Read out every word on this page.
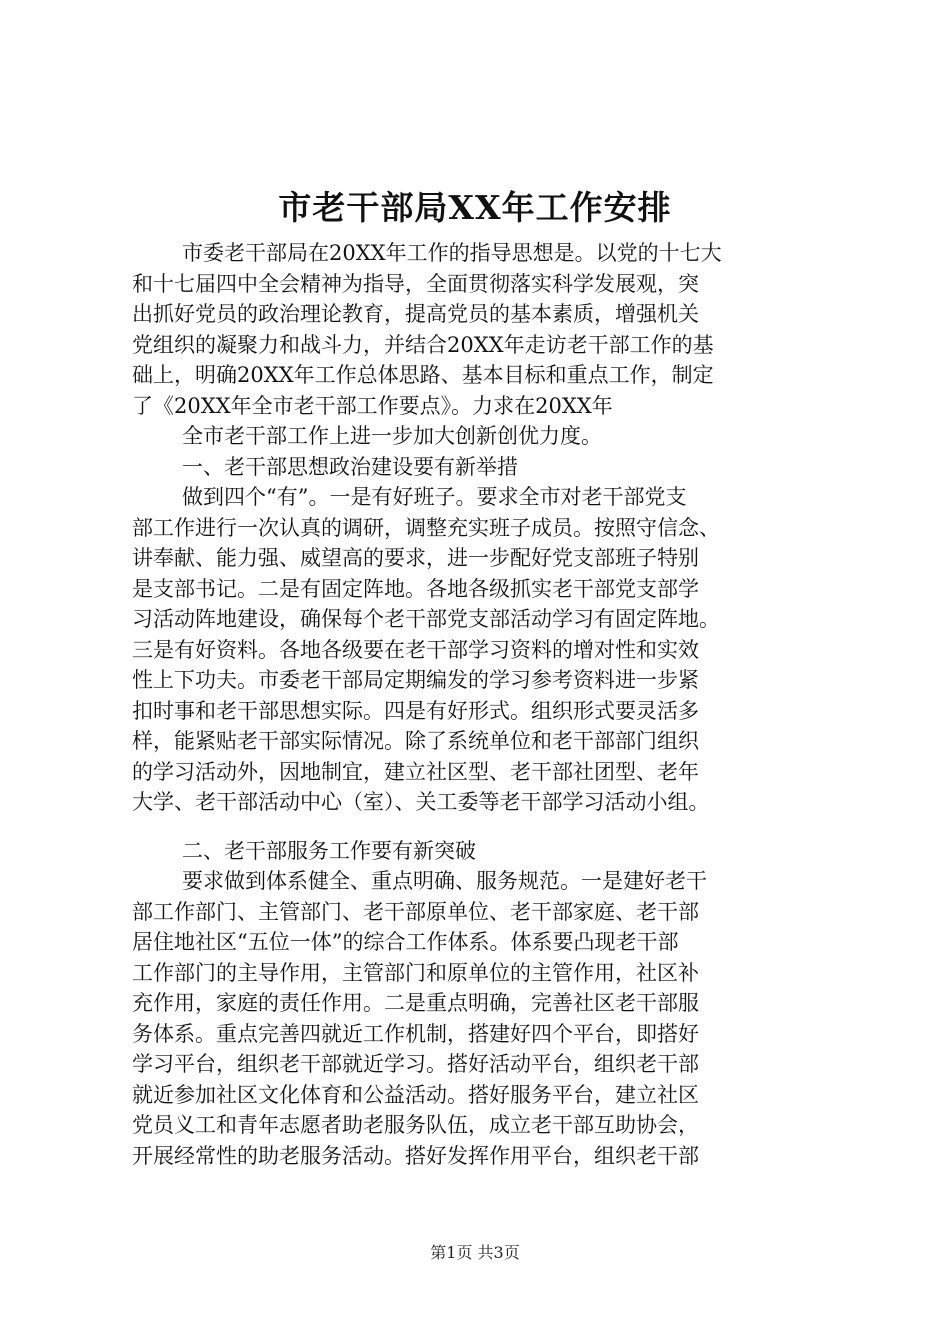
市老干部局XX年工作安排

市委老干部局在20XX年工作的指导思想是。以党的十七大

和十七届四中全会精神为指导，全面贯彻落实科学发展观，突

出抓好党员的政治理论教育，提高党员的基本素质，增强机关

党组织的凝聚力和战斗力，并结合20XX年走访老干部工作的基

础上，明确20XX年工作总体思路、基本目标和重点工作，制定

了《20XX年全市老干部工作要点》。力求在20XX年

全市老干部工作上进一步加大创新创优力度。

一、老干部思想政治建设要有新举措

做到四个“有”。一是有好班子。要求全市对老干部党支

部工作进行一次认真的调研，调整充实班子成员。按照守信念、

讲奉献、能力强、威望高的要求，进一步配好党支部班子特别

是支部书记。二是有固定阵地。各地各级抓实老干部党支部学

习活动阵地建设，确保每个老干部党支部活动学习有固定阵地。

三是有好资料。各地各级要在老干部学习资料的增对性和实效

性上下功夫。市委老干部局定期编发的学习参考资料进一步紧

扣时事和老干部思想实际。四是有好形式。组织形式要灵活多

样，能紧贴老干部实际情况。除了系统单位和老干部部门组织

的学习活动外，因地制宜，建立社区型、老干部社团型、老年

大学、老干部活动中心（室）、关工委等老干部学习活动小组。

二、老干部服务工作要有新突破

要求做到体系健全、重点明确、服务规范。一是建好老干

部工作部门、主管部门、老干部原单位、老干部家庭、老干部

居住地社区“五位一体”的综合工作体系。体系要凸现老干部

工作部门的主导作用，主管部门和原单位的主管作用，社区补

充作用，家庭的责任作用。二是重点明确，完善社区老干部服

务体系。重点完善四就近工作机制，搭建好四个平台，即搭好

学习平台，组织老干部就近学习。搭好活动平台，组织老干部

第1页 共3页

就近参加社区文化体育和公益活动。搭好服务平台，建立社区

党员义工和青年志愿者助老服务队伍，成立老干部互助协会，

开展经常性的助老服务活动。搭好发挥作用平台，组织老干部
